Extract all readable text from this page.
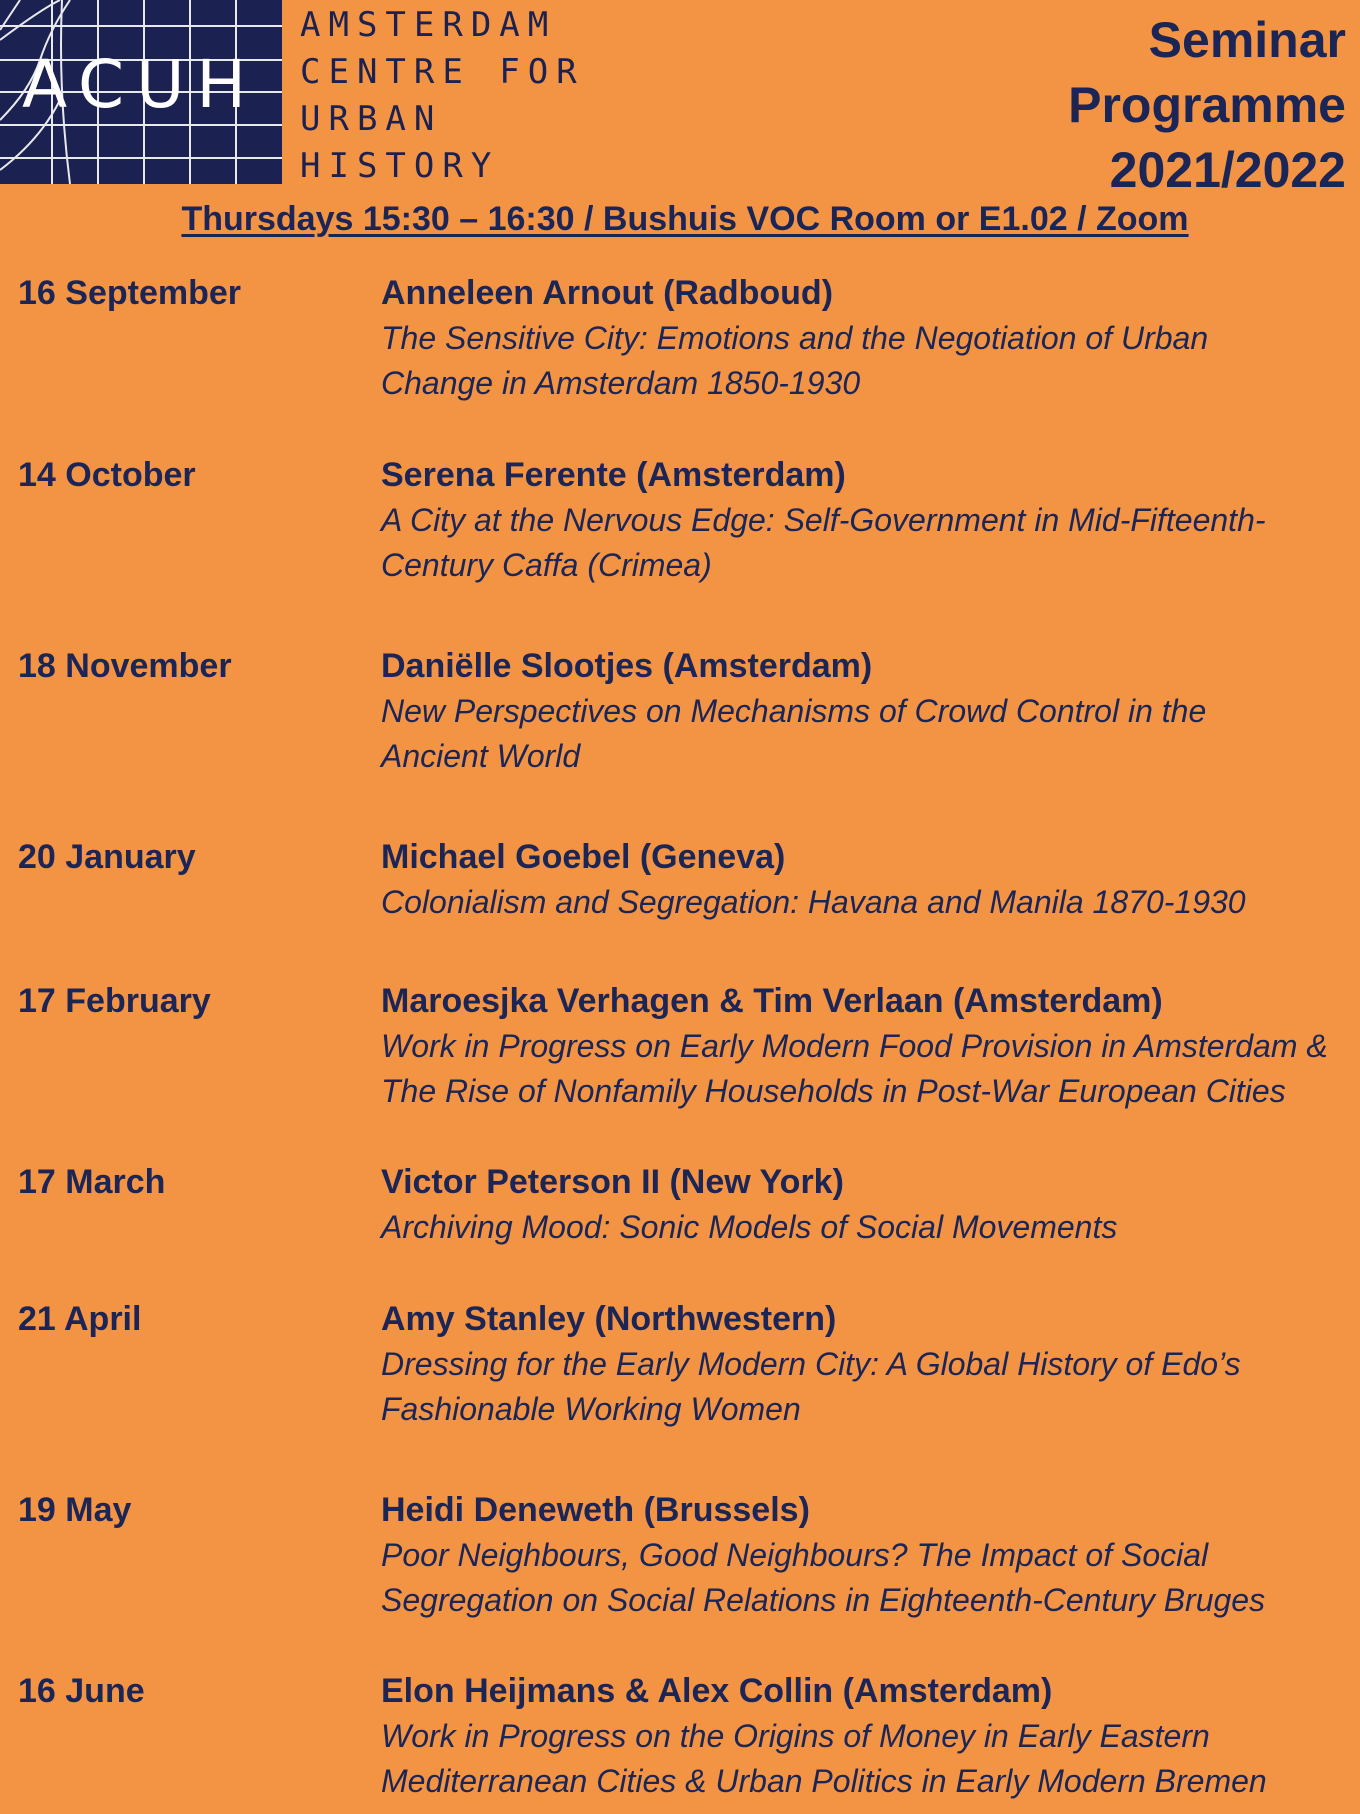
ACUH
AMSTERDAM
CENTRE FOR
URBAN
HISTORY
Seminar
Programme
2021/2022
Thursdays 15:30 – 16:30 / Bushuis VOC Room or E1.02 / Zoom
16 September	Anneleen Arnout (Radboud)
The Sensitive City: Emotions and the Negotiation of Urban
Change in Amsterdam 1850-1930
14 October	Serena Ferente (Amsterdam)
A City at the Nervous Edge: Self-Government in Mid-Fifteenth-
Century Caffa (Crimea)
18 November	Daniëlle Slootjes (Amsterdam)
New Perspectives on Mechanisms of Crowd Control in the
Ancient World
20 January	Michael Goebel (Geneva)
Colonialism and Segregation: Havana and Manila 1870-1930
17 February	Maroesjka Verhagen & Tim Verlaan (Amsterdam)
Work in Progress on Early Modern Food Provision in Amsterdam &
The Rise of Nonfamily Households in Post-War European Cities
17 March	Victor Peterson II (New York)
Archiving Mood: Sonic Models of Social Movements
21 April	Amy Stanley (Northwestern)
Dressing for the Early Modern City: A Global History of Edo’s
Fashionable Working Women
19 May	Heidi Deneweth (Brussels)
Poor Neighbours, Good Neighbours? The Impact of Social
Segregation on Social Relations in Eighteenth-Century Bruges
16 June	Elon Heijmans & Alex Collin (Amsterdam)
Work in Progress on the Origins of Money in Early Eastern
Mediterranean Cities & Urban Politics in Early Modern Bremen
